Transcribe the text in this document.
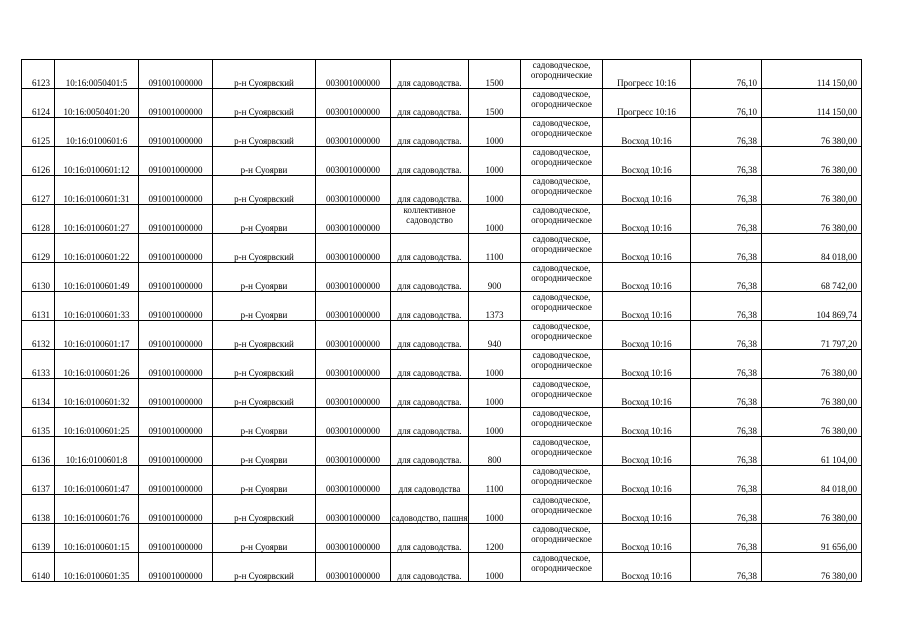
6123	10:16:0050401:5	091001000000	р-н Суоярвский	003001000000	для садоводства.	1500	садоводческое,
огороднические	Прогресс 10:16	76,10	114 150,00
6124	10:16:0050401:20	091001000000	р-н Суоярвский	003001000000	для садоводства.	1500	садоводческое,
огородническое	Прогресс 10:16	76,10	114 150,00
6125	10:16:0100601:6	091001000000	р-н Суоярвский	003001000000	для садоводства.	1000	садоводческое,
огородническое	Восход 10:16	76,38	76 380,00
6126	10:16:0100601:12	091001000000	р-н Суоярви	003001000000	для садоводства.	1000	садоводческое,
огородническое	Восход 10:16	76,38	76 380,00
6127	10:16:0100601:31	091001000000	р-н Суоярвский	003001000000	для садоводства.	1000	садоводческое,
огородническое	Восход 10:16	76,38	76 380,00
6128	10:16:0100601:27	091001000000	р-н Суоярви	003001000000	коллективное садоводство	1000	садоводческое,
огородническое	Восход 10:16	76,38	76 380,00
6129	10:16:0100601:22	091001000000	р-н Суоярвский	003001000000	для садоводства.	1100	садоводческое,
огородническое	Восход 10:16	76,38	84 018,00
6130	10:16:0100601:49	091001000000	р-н Суоярви	003001000000	для садоводства.	900	садоводческое,
огородническое	Восход 10:16	76,38	68 742,00
6131	10:16:0100601:33	091001000000	р-н Суоярви	003001000000	для садоводства.	1373	садоводческое,
огородническое	Восход 10:16	76,38	104 869,74
6132	10:16:0100601:17	091001000000	р-н Суоярвский	003001000000	для садоводства.	940	садоводческое,
огородническое	Восход 10:16	76,38	71 797,20
6133	10:16:0100601:26	091001000000	р-н Суоярвский	003001000000	для садоводства.	1000	садоводческое,
огородническое	Восход 10:16	76,38	76 380,00
6134	10:16:0100601:32	091001000000	р-н Суоярвский	003001000000	для садоводства.	1000	садоводческое,
огородническое	Восход 10:16	76,38	76 380,00
6135	10:16:0100601:25	091001000000	р-н Суоярви	003001000000	для садоводства.	1000	садоводческое,
огородническое	Восход 10:16	76,38	76 380,00
6136	10:16:0100601:8	091001000000	р-н Суоярви	003001000000	для садоводства.	800	садоводческое,
огородническое	Восход 10:16	76,38	61 104,00
6137	10:16:0100601:47	091001000000	р-н Суоярви	003001000000	для садоводства	1100	садоводческое,
огородническое	Восход 10:16	76,38	84 018,00
6138	10:16:0100601:76	091001000000	р-н Суоярвский	003001000000	садоводство, пашня	1000	садоводческое,
огородническое	Восход 10:16	76,38	76 380,00
6139	10:16:0100601:15	091001000000	р-н Суоярви	003001000000	для садоводства.	1200	садоводческое,
огородническое	Восход 10:16	76,38	91 656,00
6140	10:16:0100601:35	091001000000	р-н Суоярвский	003001000000	для садоводства.	1000	садоводческое,
огородническое	Восход 10:16	76,38	76 380,00
